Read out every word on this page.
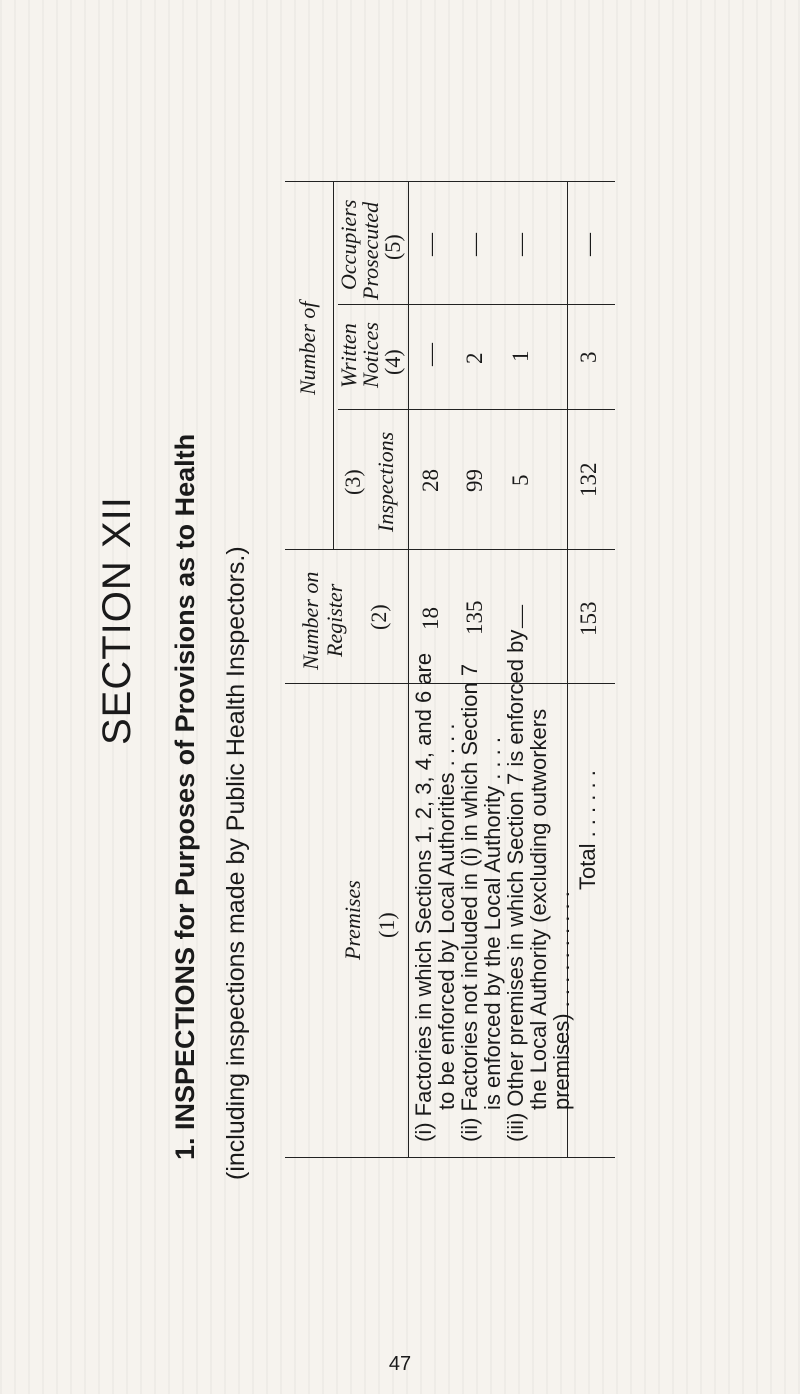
SECTION XII 1. INSPECTIONS for Purposes of Provisions as to Health (including inspections made by Public Health Inspectors.)
Number of
Premises (1)
Number on Register (2)
(3) Inspections
Written
Notices
(4)
Occupiers
Prosecuted
(5)
(i) Factories in which Sections 1, 2, 3, 4, and 6 are
to be enforced by Local Authorities . . . .
18
28
—
—
(ii) Factories not included in (i) in which Section 7
is enforced by the Local Authority . . . .
135
99
2
—
(iii) Other premises in which Section 7 is enforced by
the Local Authority (excluding outworkers
premises) . . . . . . . . . .
—
5
1
—
Total . . . . . .
153
132
3
—
47
